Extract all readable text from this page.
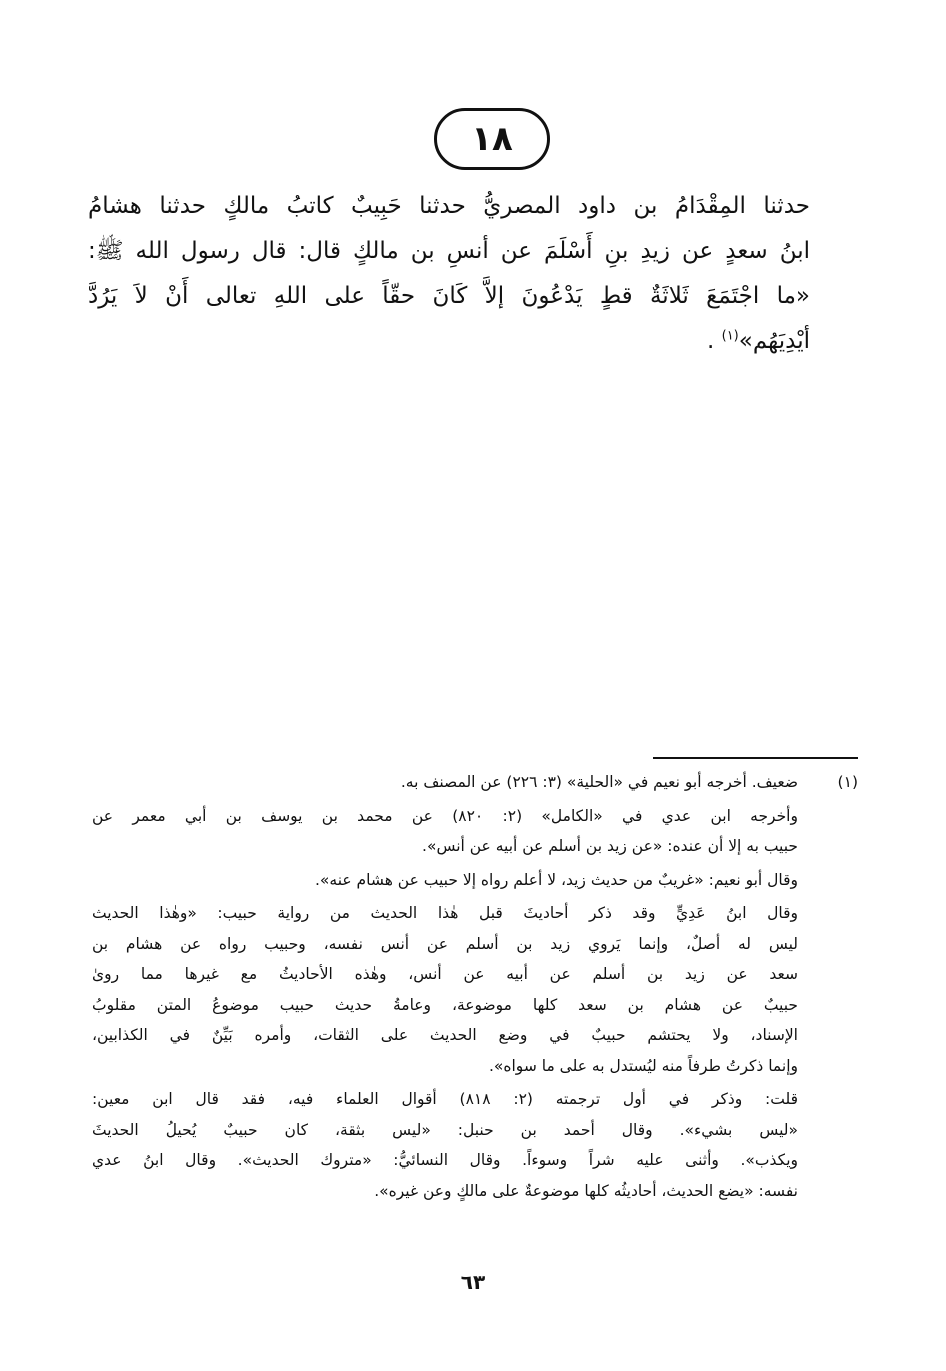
١٨
حدثنا المِقْدَامُ بن داود المصريُّ حدثنا حَبِيبٌ كاتبُ مالكٍ حدثنا هشامُ
ابنُ سعدٍ عن زيدِ بنِ أَسْلَمَ عن أنسِ بن مالكٍ قال: قال رسول الله ﷺ:
«ما اجْتَمَعَ ثَلاثَةٌ قطٍ يَدْعُونَ إلاَّ كَانَ حقّاً على اللهِ تعالى أَنْ لاَ يَرُدَّ
أيْدِيَهُم»$^{(١)}$ .
(١)
ضعيف. أخرجه أبو نعيم في «الحلية» (٣: ٢٢٦) عن المصنف به.
وأخرجه ابن عدي في «الكامل» (٢: ٨٢٠) عن محمد بن يوسف بن أبي معمر عن
حبيب به إلا أن عنده: «عن زيد بن أسلم عن أبيه عن أنس».
وقال أبو نعيم: «غريبٌ من حديث زيد، لا أعلم رواه إلا حبيب عن هشام عنه».
وقال ابنُ عَدِيٍّ وقد ذكر أحاديثَ قبل هٰذا الحديث من رواية حبيب: «وهٰذا الحديث
ليس له أصلٌ، وإنما يَروي زيد بن أسلم عن أنس نفسه، وحبيب رواه عن هشام بن
سعد عن زيد بن أسلم عن أبيه عن أنس، وهٰذه الأحاديثُ مع غيرها مما روىٰ
حبيبٌ عن هشام بن سعد كلها موضوعة، وعامةُ حديث حبيب موضوعُ المتن مقلوبُ
الإسناد، ولا يحتشم حبيبٌ في وضع الحديث على الثقات، وأمره بَيِّنٌ في الكذابين،
وإنما ذكرتُ طرفاً منه ليُستدل به على ما سواه».
قلت: وذكر في أول ترجمته (٢: ٨١٨) أقوال العلماء فيه، فقد قال ابن معين:
«ليس بشيء». وقال أحمد بن حنبل: «ليس بثقة، كان حبيبٌ يُحيلُ الحديثَ
ويكذب». وأثنى عليه شراً وسوءاً. وقال النسائيُّ: «متروك الحديث». وقال ابنُ عدي
نفسه: «يضع الحديث، أحاديثُه كلها موضوعةٌ على مالكٍ وعن غيره».
٦٣
